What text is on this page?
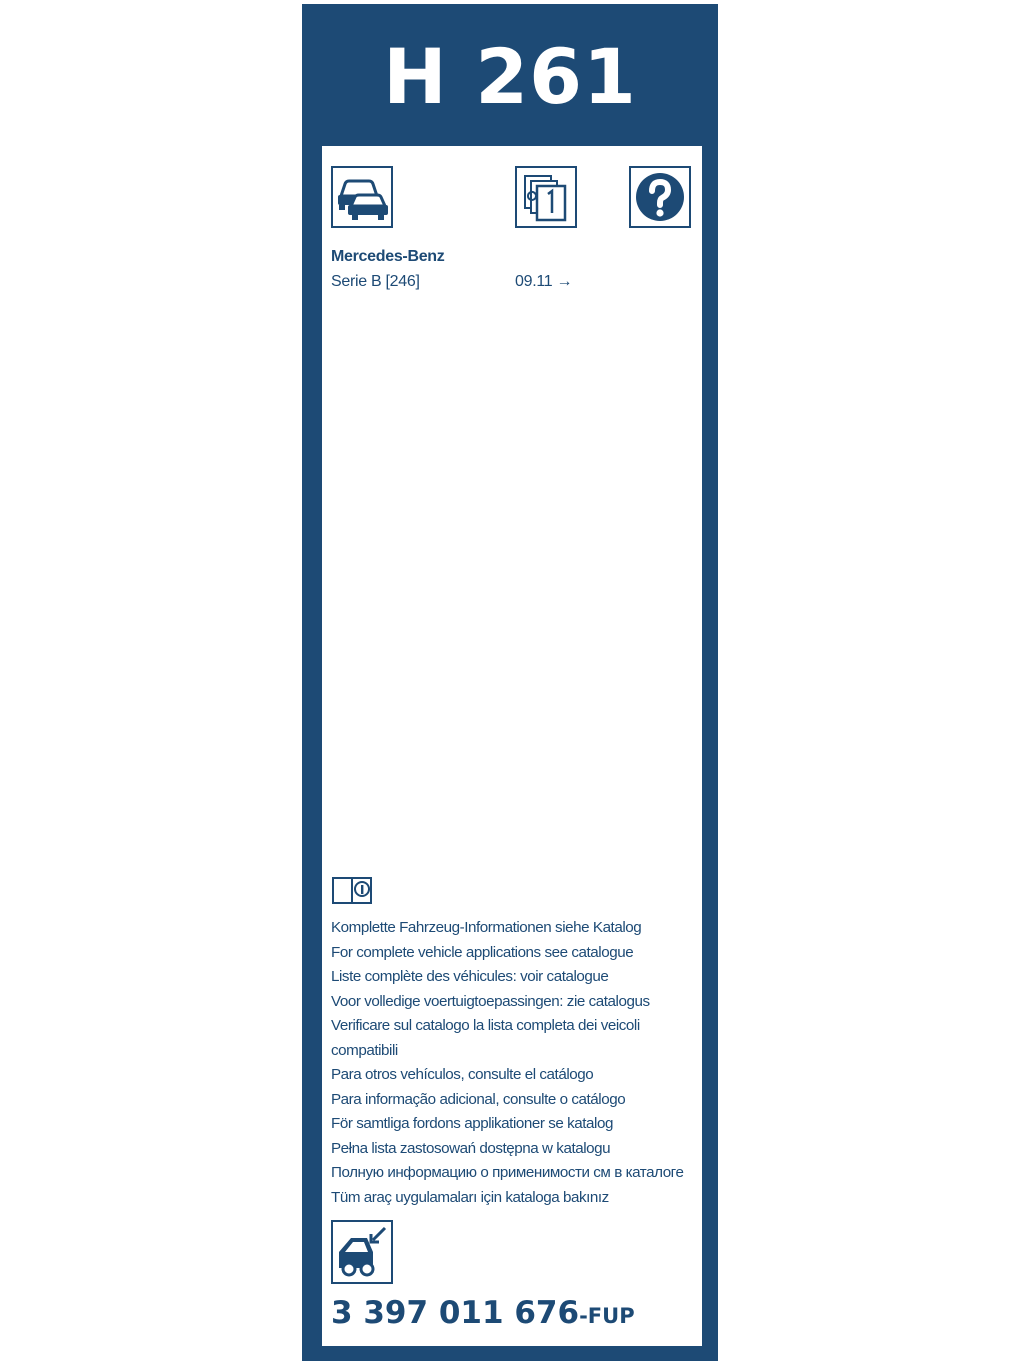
H 261
Mercedes-Benz
Serie B [246]	09.11 →
Komplette Fahrzeug-Informationen siehe Katalog
For complete vehicle applications see catalogue
Liste complète des véhicules: voir catalogue
Voor volledige voertuigtoepassingen: zie catalogus
Verificare sul catalogo la lista completa dei veicoli compatibili
Para otros vehículos, consulte el catálogo
Para informação adicional, consulte o catálogo
För samtliga fordons applikationer se katalog
Pełna lista zastosowań dostępna w katalogu
Полную информацию о применимости см в каталоге
Tüm araç uygulamaları için kataloga bakınız
3 397 011 676-FUP
